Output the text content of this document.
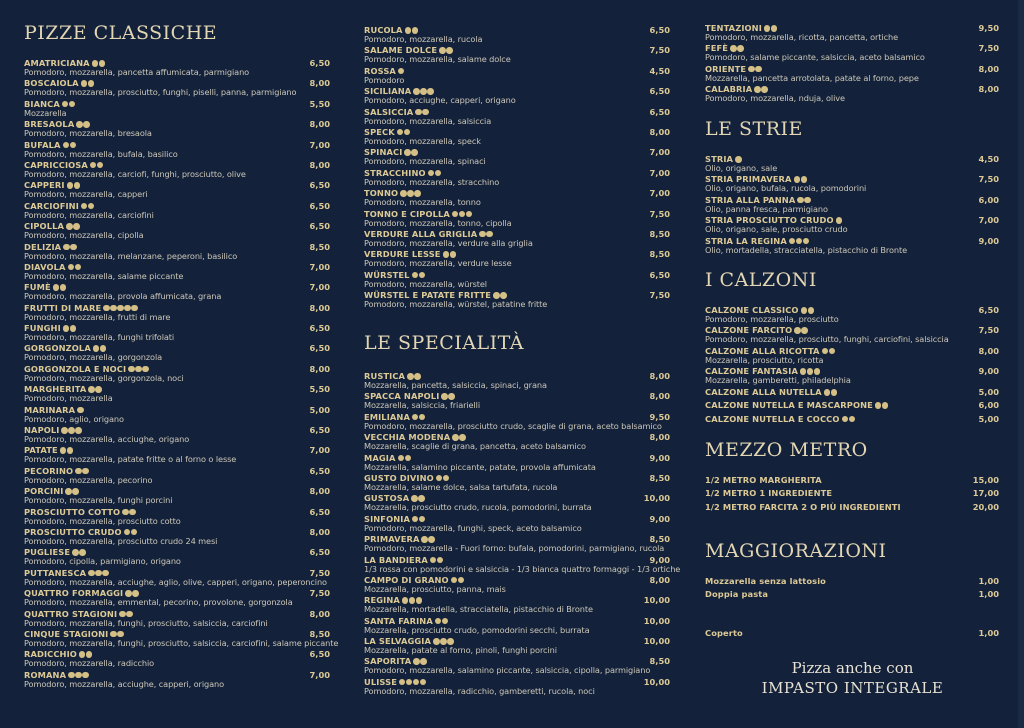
PIZZE CLASSICHE
AMATRICIANA
Pomodoro, mozzarella, pancetta affumicata, parmigiano
6,50
BOSCAIOLA
Pomodoro, mozzarella, prosciutto, funghi, piselli, panna, parmigiano
8,00
BIANCA
Mozzarella
5,50
BRESAOLA
Pomodoro, mozzarella, bresaola
8,00
BUFALA
Pomodoro, mozzarella, bufala, basilico
7,00
CAPRICCIOSA
Pomodoro, mozzarella, carciofi, funghi, prosciutto, olive
8,00
CAPPERI
Pomodoro, mozzarella, capperi
6,50
CARCIOFINI
Pomodoro, mozzarella, carciofini
6,50
CIPOLLA
Pomodoro, mozzarella, cipolla
6,50
DELIZIA
Pomodoro, mozzarella, melanzane, peperoni, basilico
8,50
DIAVOLA
Pomodoro, mozzarella, salame piccante
7,00
FUMÈ
Pomodoro, mozzarella, provola affumicata, grana
7,00
FRUTTI DI MARE
Pomodoro, mozzarella, frutti di mare
8,00
FUNGHI
Pomodoro, mozzarella, funghi trifolati
6,50
GORGONZOLA
Pomodoro, mozzarella, gorgonzola
6,50
GORGONZOLA E NOCI
Pomodoro, mozzarella, gorgonzola, noci
8,00
MARGHERITA
Pomodoro, mozzarella
5,50
MARINARA
Pomodoro, aglio, origano
5,00
NAPOLI
Pomodoro, mozzarella, acciughe, origano
6,50
PATATE
Pomodoro, mozzarella, patate fritte o al forno o lesse
7,00
PECORINO
Pomodoro, mozzarella, pecorino
6,50
PORCINI
Pomodoro, mozzarella, funghi porcini
8,00
PROSCIUTTO COTTO
Pomodoro, mozzarella, prosciutto cotto
6,50
PROSCIUTTO CRUDO
Pomodoro, mozzarella, prosciutto crudo 24 mesi
8,00
PUGLIESE
Pomodoro, cipolla, parmigiano, origano
6,50
PUTTANESCA
Pomodoro, mozzarella, acciughe, aglio, olive, capperi, origano, peperoncino
7,50
QUATTRO FORMAGGI
Pomodoro, mozzarella, emmental, pecorino, provolone, gorgonzola
7,50
QUATTRO STAGIONI
Pomodoro, mozzarella, funghi, prosciutto, salsiccia, carciofini
8,00
CINQUE STAGIONI
Pomodoro, mozzarella, funghi, prosciutto, salsiccia, carciofini, salame piccante
8,50
RADICCHIO
Pomodoro, mozzarella, radicchio
6,50
ROMANA
Pomodoro, mozzarella, acciughe, capperi, origano
7,00
RUCOLA
Pomodoro, mozzarella, rucola
6,50
SALAME DOLCE
Pomodoro, mozzarella, salame dolce
7,50
ROSSA
Pomodoro
4,50
SICILIANA
Pomodoro, acciughe, capperi, origano
6,50
SALSICCIA
Pomodoro, mozzarella, salsiccia
6,50
SPECK
Pomodoro, mozzarella, speck
8,00
SPINACI
Pomodoro, mozzarella, spinaci
7,00
STRACCHINO
Pomodoro, mozzarella, stracchino
7,00
TONNO
Pomodoro, mozzarella, tonno
7,00
TONNO E CIPOLLA
Pomodoro, mozzarella, tonno, cipolla
7,50
VERDURE ALLA GRIGLIA
Pomodoro, mozzarella, verdure alla griglia
8,50
VERDURE LESSE
Pomodoro, mozzarella, verdure lesse
8,50
WÜRSTEL
Pomodoro, mozzarella, würstel
6,50
WÜRSTEL E PATATE FRITTE
Pomodoro, mozzarella, würstel, patatine fritte
7,50
LE SPECIALITÀ
RUSTICA
Mozzarella, pancetta, salsiccia, spinaci, grana
8,00
SPACCA NAPOLI
Mozzarella, salsiccia, friarielli
8,00
EMILIANA
Pomodoro, mozzarella, prosciutto crudo, scaglie di grana, aceto balsamico
9,50
VECCHIA MODENA
Mozzarella, scaglie di grana, pancetta, aceto balsamico
8,00
MAGIA
Mozzarella, salamino piccante, patate, provola affumicata
9,00
GUSTO DIVINO
Mozzarella, salame dolce, salsa tartufata, rucola
8,50
GUSTOSA
Mozzarella, prosciutto crudo, rucola, pomodorini, burrata
10,00
SINFONIA
Pomodoro, mozzarella, funghi, speck, aceto balsamico
9,00
PRIMAVERA
Pomodoro, mozzarella - Fuori forno: bufala, pomodorini, parmigiano, rucola
8,50
LA BANDIERA
1/3 rossa con pomodorini e salsiccia - 1/3 bianca quattro formaggi - 1/3 ortiche
9,00
CAMPO DI GRANO
Mozzarella, prosciutto, panna, mais
8,00
REGINA
Mozzarella, mortadella, stracciatella, pistacchio di Bronte
10,00
SANTA FARINA
Mozzarella, prosciutto crudo, pomodorini secchi, burrata
10,00
LA SELVAGGIA
Mozzarella, patate al forno, pinoli, funghi porcini
10,00
SAPORITA
Pomodoro, mozzarella, salamino piccante, salsiccia, cipolla, parmigiano
8,50
ULISSE
Pomodoro, mozzarella, radicchio, gamberetti, rucola, noci
10,00
TENTAZIONI
Pomodoro, mozzarella, ricotta, pancetta, ortiche
9,50
FEFÈ
Pomodoro, salame piccante, salsiccia, aceto balsamico
7,50
ORIENTE
Mozzarella, pancetta arrotolata, patate al forno, pepe
8,00
CALABRIA
Pomodoro, mozzarella, nduja, olive
8,00
LE STRIE
STRIA
Olio, origano, sale
4,50
STRIA PRIMAVERA
Olio, origano, bufala, rucola, pomodorini
7,50
STRIA ALLA PANNA
Olio, panna fresca, parmigiano
6,00
STRIA PROSCIUTTO CRUDO
Olio, origano, sale, prosciutto crudo
7,00
STRIA LA REGINA
Olio, mortadella, stracciatella, pistacchio di Bronte
9,00
I CALZONI
CALZONE CLASSICO
Pomodoro, mozzarella, prosciutto
6,50
CALZONE FARCITO
Pomodoro, mozzarella, prosciutto, funghi, carciofini, salsiccia
7,50
CALZONE ALLA RICOTTA
Mozzarella, prosciutto, ricotta
8,00
CALZONE FANTASIA
Mozzarella, gamberetti, philadelphia
9,00
CALZONE ALLA NUTELLA	5,00
CALZONE NUTELLA E MASCARPONE	6,00
CALZONE NUTELLA E COCCO	5,00
MEZZO METRO
1/2 METRO MARGHERITA	15,00
1/2 METRO 1 INGREDIENTE	17,00
1/2 METRO FARCITA 2 O PIÙ INGREDIENTI	20,00
MAGGIORAZIONI
Mozzarella senza lattosio	1,00
Doppia pasta	1,00
Coperto	1,00
Pizza anche con
IMPASTO INTEGRALE
